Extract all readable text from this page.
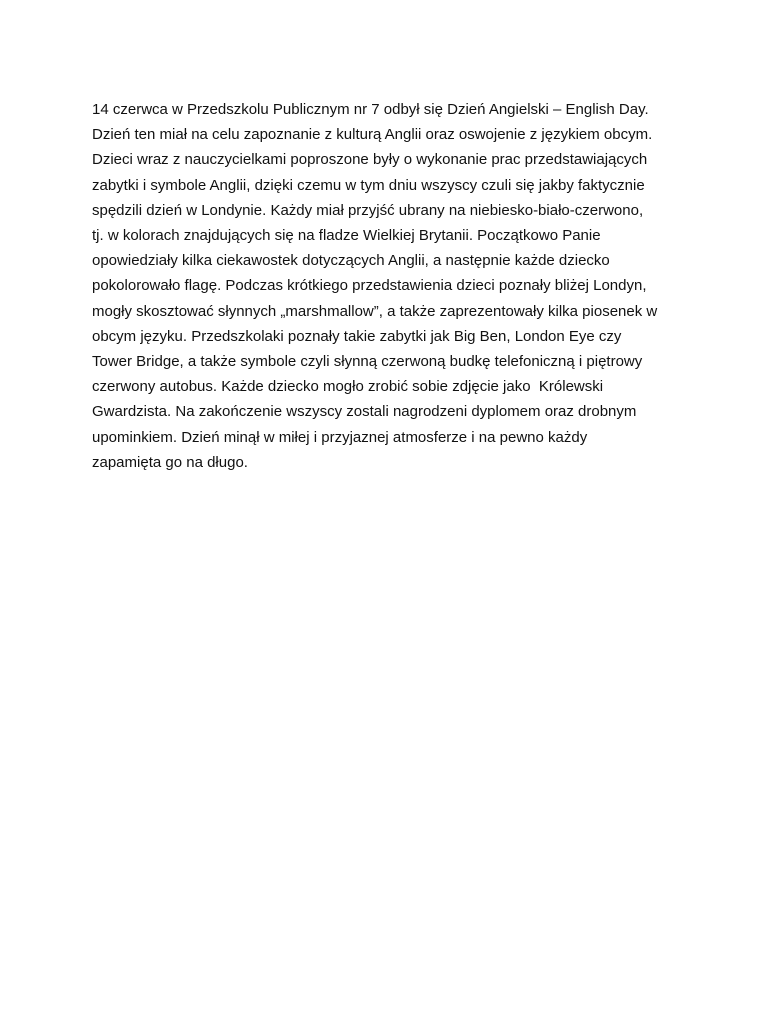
14 czerwca w Przedszkolu Publicznym nr 7 odbył się Dzień Angielski – English Day.
Dzień ten miał na celu zapoznanie z kulturą Anglii oraz oswojenie z językiem obcym.
Dzieci wraz z nauczycielkami poproszone były o wykonanie prac przedstawiających
zabytki i symbole Anglii, dzięki czemu w tym dniu wszyscy czuli się jakby faktycznie
spędzili dzień w Londynie. Każdy miał przyjść ubrany na niebiesko-biało-czerwono,
tj. w kolorach znajdujących się na fladze Wielkiej Brytanii. Początkowo Panie
opowiedziały kilka ciekawostek dotyczących Anglii, a następnie każde dziecko
pokolorowało flagę. Podczas krótkiego przedstawienia dzieci poznały bliżej Londyn,
mogły skosztować słynnych „marshmallow”, a także zaprezentowały kilka piosenek w
obcym języku. Przedszkolaki poznały takie zabytki jak Big Ben, London Eye czy
Tower Bridge, a także symbole czyli słynną czerwoną budkę telefoniczną i piętrowy
czerwony autobus. Każde dziecko mogło zrobić sobie zdjęcie jako  Królewski
Gwardzista. Na zakończenie wszyscy zostali nagrodzeni dyplomem oraz drobnym
upominkiem. Dzień minął w miłej i przyjaznej atmosferze i na pewno każdy
zapamięta go na długo.
